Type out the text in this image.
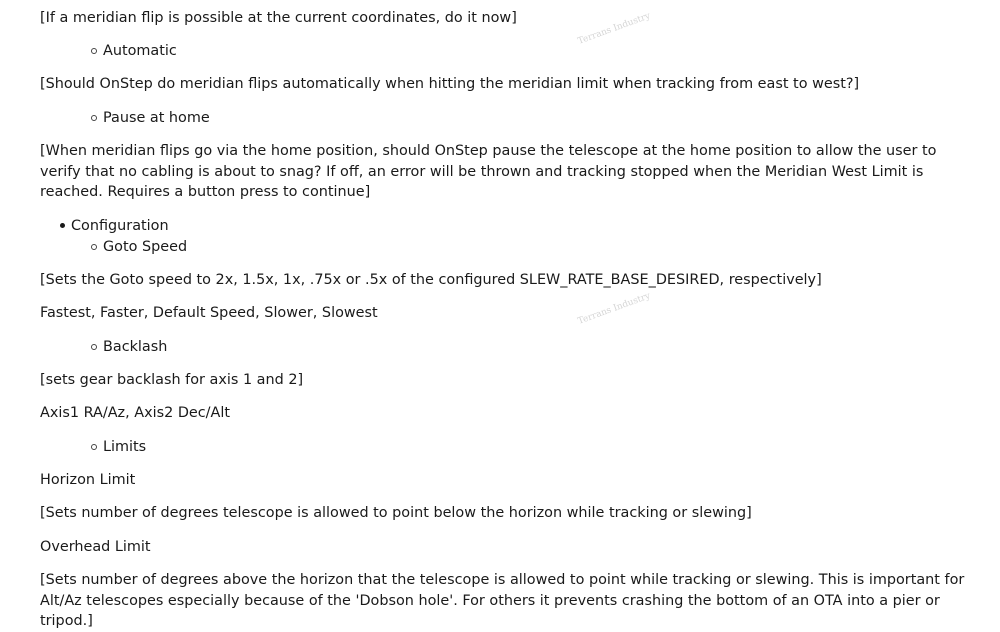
Terrans Industry
Terrans Industry
[If a meridian flip is possible at the current coordinates, do it now]
Automatic
[Should OnStep do meridian flips automatically when hitting the meridian limit when tracking from east to west?]
Pause at home
[When meridian flips go via the home position, should OnStep pause the telescope at the home position to allow the user to verify that no cabling is about to snag? If off, an error will be thrown and tracking stopped when the Meridian West Limit is reached. Requires a button press to continue]
Configuration
Goto Speed
[Sets the Goto speed to 2x, 1.5x, 1x, .75x or .5x of the configured SLEW_RATE_BASE_DESIRED, respectively]
Fastest, Faster, Default Speed, Slower, Slowest
Backlash
[sets gear backlash for axis 1 and 2]
Axis1 RA/Az, Axis2 Dec/Alt
Limits
Horizon Limit
[Sets number of degrees telescope is allowed to point below the horizon while tracking or slewing]
Overhead Limit
[Sets number of degrees above the horizon that the telescope is allowed to point while tracking or slewing. This is important for Alt/Az telescopes especially because of the 'Dobson hole'. For others it prevents crashing the bottom of an OTA into a pier or tripod.]
